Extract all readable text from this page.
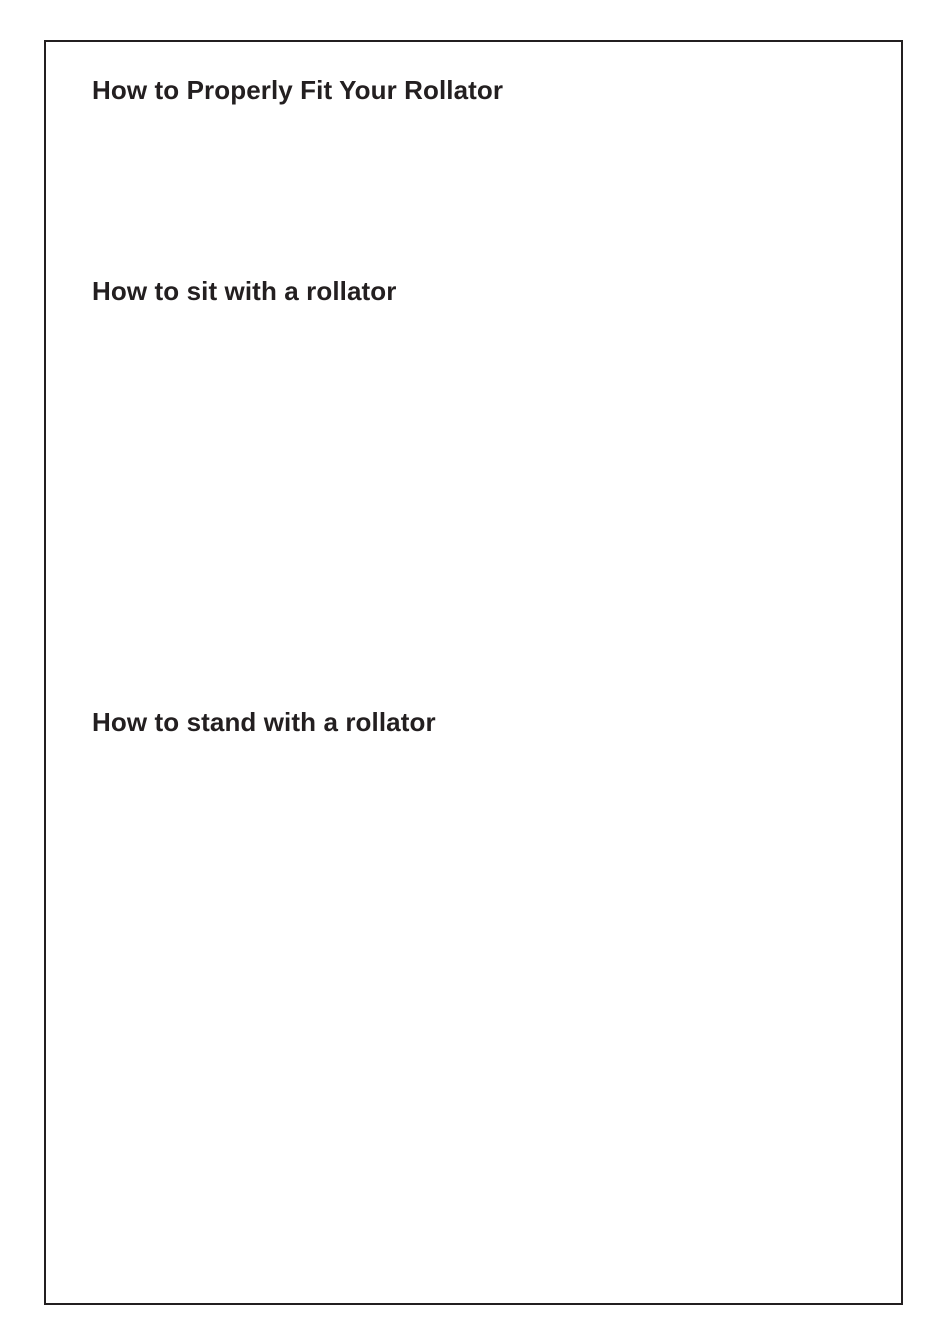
How to Properly Fit Your Rollator
How to sit with a rollator
How to stand with a rollator
